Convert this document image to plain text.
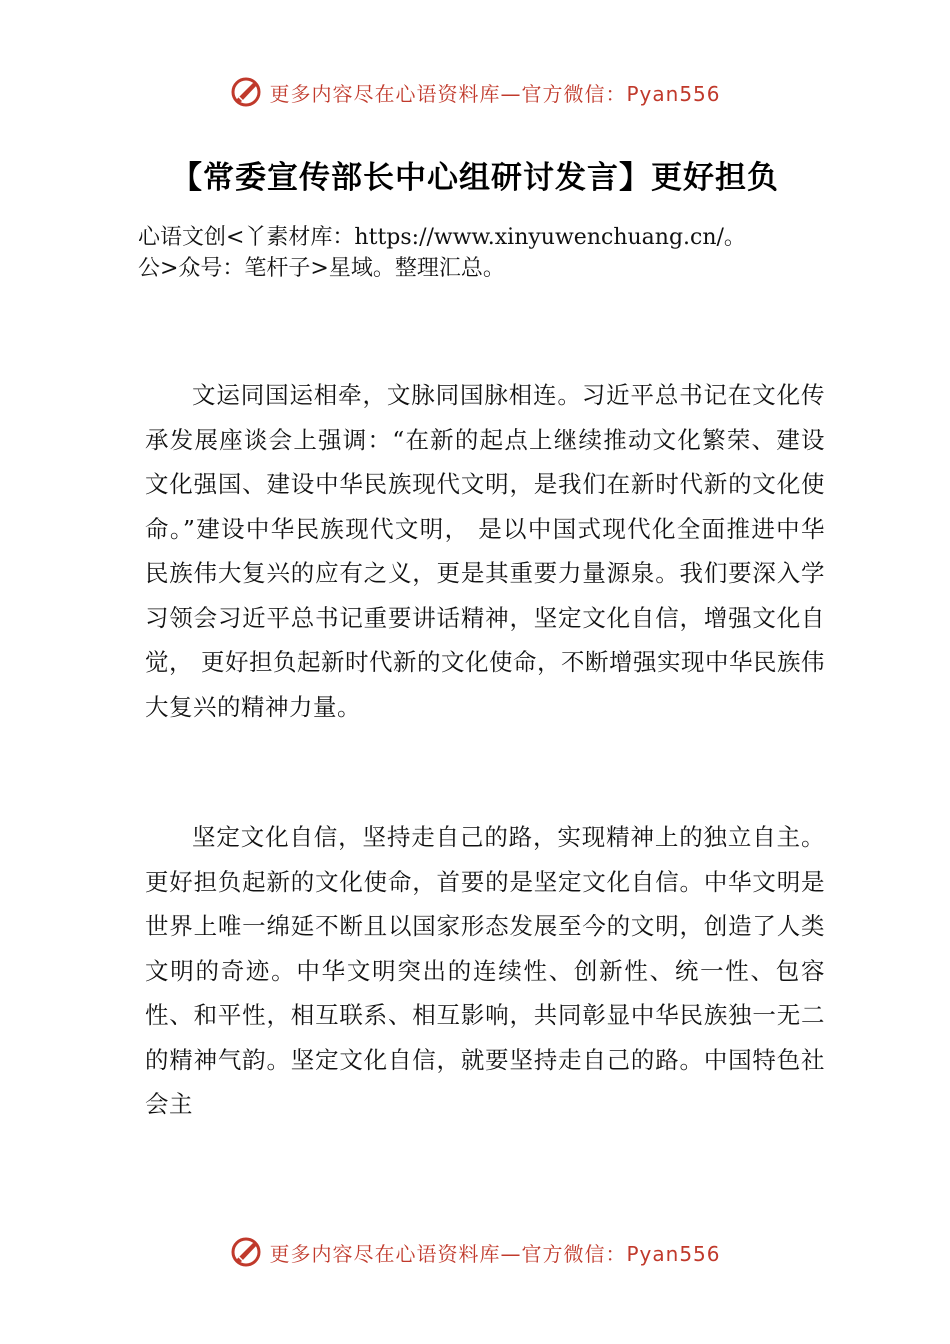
更多内容尽在心语资料库—官方微信：Pyan556
【常委宣传部长中心组研讨发言】更好担负
心语文创<丫素材库：https://www.xinyuwenchuang.cn/。
公>众号：笔杆子>星域。整理汇总。
文运同国运相牵，文脉同国脉相连。习近平总书记在文化传承发展座谈会上强调：“在新的起点上继续推动文化繁荣、建设文化强国、建设中华民族现代文明，是我们在新时代新的文化使命。”建设中华民族现代文明， 是以中国式现代化全面推进中华民族伟大复兴的应有之义，更是其重要力量源泉。我们要深入学习领会习近平总书记重要讲话精神，坚定文化自信，增强文化自觉， 更好担负起新时代新的文化使命，不断增强实现中华民族伟大复兴的精神力量。
坚定文化自信，坚持走自己的路，实现精神上的独立自主。更好担负起新的文化使命，首要的是坚定文化自信。中华文明是世界上唯一绵延不断且以国家形态发展至今的文明，创造了人类文明的奇迹。中华文明突出的连续性、创新性、统一性、包容性、和平性，相互联系、相互影响，共同彰显中华民族独一无二的精神气韵。坚定文化自信，就要坚持走自己的路。中国特色社会主
更多内容尽在心语资料库—官方微信：Pyan556
